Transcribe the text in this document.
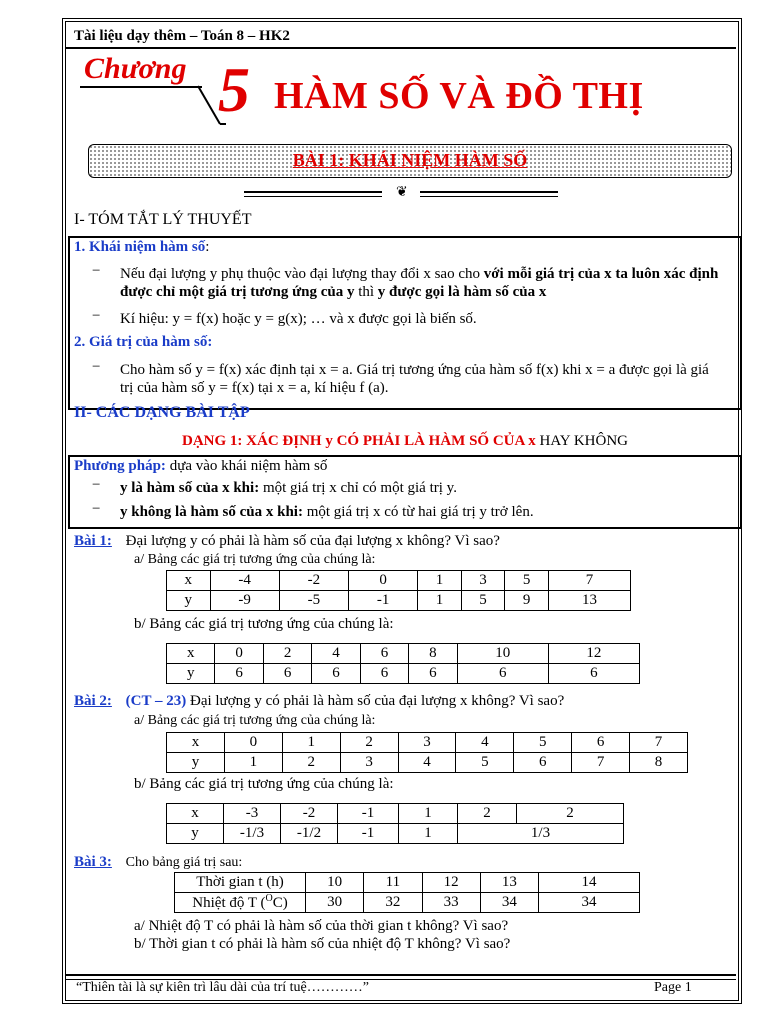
Tài liệu dạy thêm – Toán 8 – HK2
Chương 5 HÀM SỐ VÀ ĐỒ THỊ
BÀI 1: KHÁI NIỆM HÀM SỐ
❦
I- TÓM TẮT LÝ THUYẾT
1. Khái niệm hàm số:
− Nếu đại lượng y phụ thuộc vào đại lượng thay đổi x sao cho với mỗi giá trị của x ta luôn xác định được chỉ một giá trị tương ứng của y thì y được gọi là hàm số của x
− Kí hiệu: y = f(x) hoặc y = g(x); … và x được gọi là biến số.
2. Giá trị của hàm số:
− Cho hàm số y = f(x) xác định tại x = a. Giá trị tương ứng của hàm số f(x) khi x = a được gọi là giá trị của hàm số y = f(x) tại x = a, kí hiệu f (a).
II- CÁC DẠNG BÀI TẬP
DẠNG 1: XÁC ĐỊNH y CÓ PHẢI LÀ HÀM SỐ CỦA x HAY KHÔNG
Phương pháp: dựa vào khái niệm hàm số
− y là hàm số của x khi: một giá trị x chỉ có một giá trị y.
− y không là hàm số của x khi: một giá trị x có từ hai giá trị y trở lên.
Bài 1: Đại lượng y có phải là hàm số của đại lượng x không? Vì sao?
a/ Bảng các giá trị tương ứng của chúng là:
x	-4	-2	0	1	3	5	7
y	-9	-5	-1	1	5	9	13
b/ Bảng các giá trị tương ứng của chúng là:
x	0	2	4	6	8	10	12
y	6	6	6	6	6	6	6
Bài 2: (CT – 23) Đại lượng y có phải là hàm số của đại lượng x không? Vì sao?
a/ Bảng các giá trị tương ứng của chúng là:
x	0	1	2	3	4	5	6	7
y	1	2	3	4	5	6	7	8
b/ Bảng các giá trị tương ứng của chúng là:
x	-3	-2	-1	1	2	2
y	-1/3	-1/2	-1	1	1/3	
Bài 3: Cho bảng giá trị sau:
Thời gian t (h)	10	11	12	13	14
Nhiệt độ T ($^O$C)	30	32	33	34	34
a/ Nhiệt độ T có phải là hàm số của thời gian t không? Vì sao?
b/ Thời gian t có phải là hàm số của nhiệt độ T không? Vì sao?
“Thiên tài là sự kiên trì lâu dài của trí tuệ…………”	Page 1
